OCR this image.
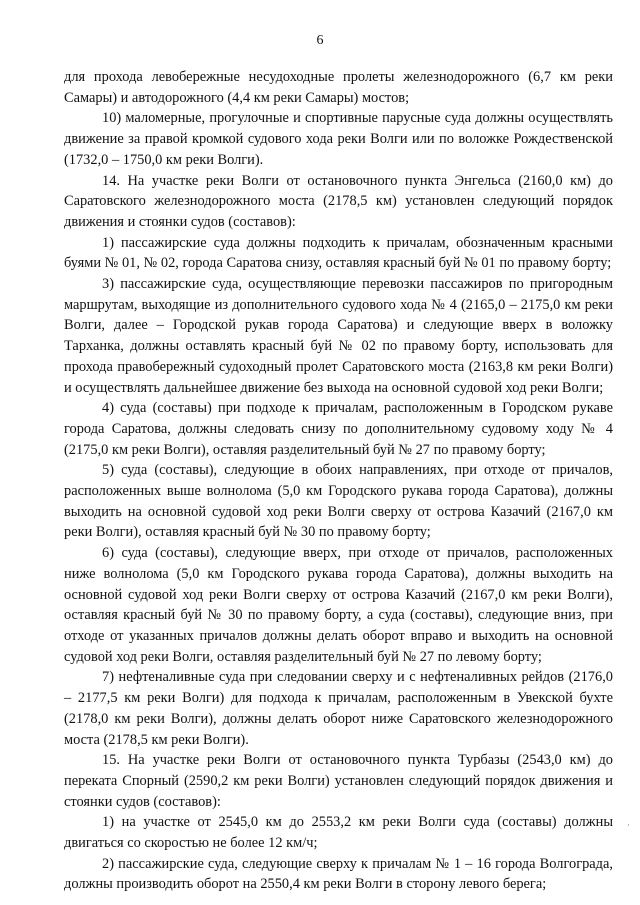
6

для прохода левобережные несудоходные пролеты железнодорожного (6,7 км реки Самары) и автодорожного (4,4 км реки Самары) мостов;

10) маломерные, прогулочные и спортивные парусные суда должны осуществлять движение за правой кромкой судового хода реки Волги или по воложке Рождественской (1732,0 – 1750,0 км реки Волги).

14. На участке реки Волги от остановочного пункта Энгельса (2160,0 км) до Саратовского железнодорожного моста (2178,5 км) установлен следующий порядок движения и стоянки судов (составов):

1) пассажирские суда должны подходить к причалам, обозначенным красными буями № 01, № 02, города Саратова снизу, оставляя красный буй № 01 по правому борту;

3) пассажирские суда, осуществляющие перевозки пассажиров по пригородным маршрутам, выходящие из дополнительного судового хода № 4 (2165,0 – 2175,0 км реки Волги, далее – Городской рукав города Саратова) и следующие вверх в воложку Тарханка, должны оставлять красный буй № 02 по правому борту, использовать для прохода правобережный судоходный пролет Саратовского моста (2163,8 км реки Волги) и осуществлять дальнейшее движение без выхода на основной судовой ход реки Волги;

4) суда (составы) при подходе к причалам, расположенным в Городском рукаве города Саратова, должны следовать снизу по дополнительному судовому ходу № 4 (2175,0 км реки Волги), оставляя разделительный буй № 27 по правому борту;

5) суда (составы), следующие в обоих направлениях, при отходе от причалов, расположенных выше волнолома (5,0 км Городского рукава города Саратова), должны выходить на основной судовой ход реки Волги сверху от острова Казачий (2167,0 км реки Волги), оставляя красный буй № 30 по правому борту;

6) суда (составы), следующие вверх, при отходе от причалов, расположенных ниже волнолома (5,0 км Городского рукава города Саратова), должны выходить на основной судовой ход реки Волги сверху от острова Казачий (2167,0 км реки Волги), оставляя красный буй № 30 по правому борту, а суда (составы), следующие вниз, при отходе от указанных причалов должны делать оборот вправо и выходить на основной судовой ход реки Волги, оставляя разделительный буй № 27 по левому борту;

7) нефтеналивные суда при следовании сверху и с нефтеналивных рейдов (2176,0 – 2177,5 км реки Волги) для подхода к причалам, расположенным в Увекской бухте (2178,0 км реки Волги), должны делать оборот ниже Саратовского железнодорожного моста (2178,5 км реки Волги).

15. На участке реки Волги от остановочного пункта Турбазы (2543,0 км) до переката Спорный (2590,2 км реки Волги) установлен следующий порядок движения и стоянки судов (составов):

1) на участке от 2545,0 км до 2553,2 км реки Волги суда (составы) должны двигаться со скоростью не более 12 км/ч;

2) пассажирские суда, следующие сверху к причалам № 1 – 16 города Волгограда, должны производить оборот на 2550,4 км реки Волги в сторону левого берега;

·
